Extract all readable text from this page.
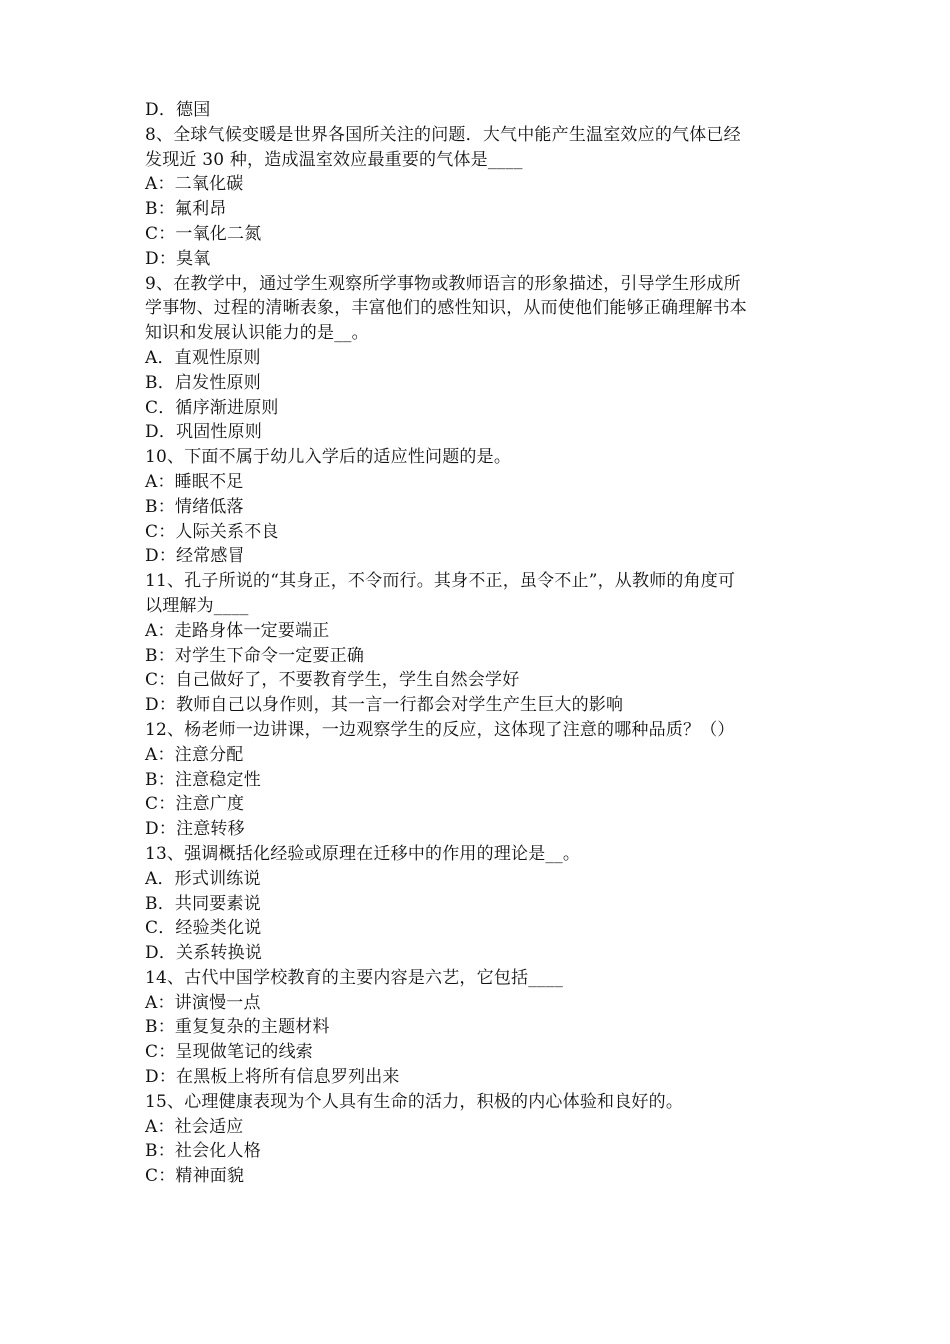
D．德国

8、全球气候变暖是世界各国所关注的问题．大气中能产生温室效应的气体已经

发现近 30 种，造成温室效应最重要的气体是____

A：二氧化碳

B：氟利昂

C：一氧化二氮

D：臭氧

9、在教学中，通过学生观察所学事物或教师语言的形象描述，引导学生形成所

学事物、过程的清晰表象，丰富他们的感性知识，从而使他们能够正确理解书本

知识和发展认识能力的是__。

A．直观性原则

B．启发性原则

C．循序渐进原则

D．巩固性原则

10、下面不属于幼儿入学后的适应性问题的是。

A：睡眠不足

B：情绪低落

C：人际关系不良

D：经常感冒

11、孔子所说的“其身正，不令而行。其身不正，虽令不止”，从教师的角度可

以理解为____

A：走路身体一定要端正

B：对学生下命令一定要正确

C：自己做好了，不要教育学生，学生自然会学好

D：教师自己以身作则，其一言一行都会对学生产生巨大的影响

12、杨老师一边讲课，一边观察学生的反应，这体现了注意的哪种品质？（）

A：注意分配

B：注意稳定性

C：注意广度

D：注意转移

13、强调概括化经验或原理在迁移中的作用的理论是__。

A．形式训练说

B．共同要素说

C．经验类化说

D．关系转换说

14、古代中国学校教育的主要内容是六艺，它包括____

A：讲演慢一点

B：重复复杂的主题材料

C：呈现做笔记的线索

D：在黑板上将所有信息罗列出来

15、心理健康表现为个人具有生命的活力，积极的内心体验和良好的。

A：社会适应

B：社会化人格

C：精神面貌
